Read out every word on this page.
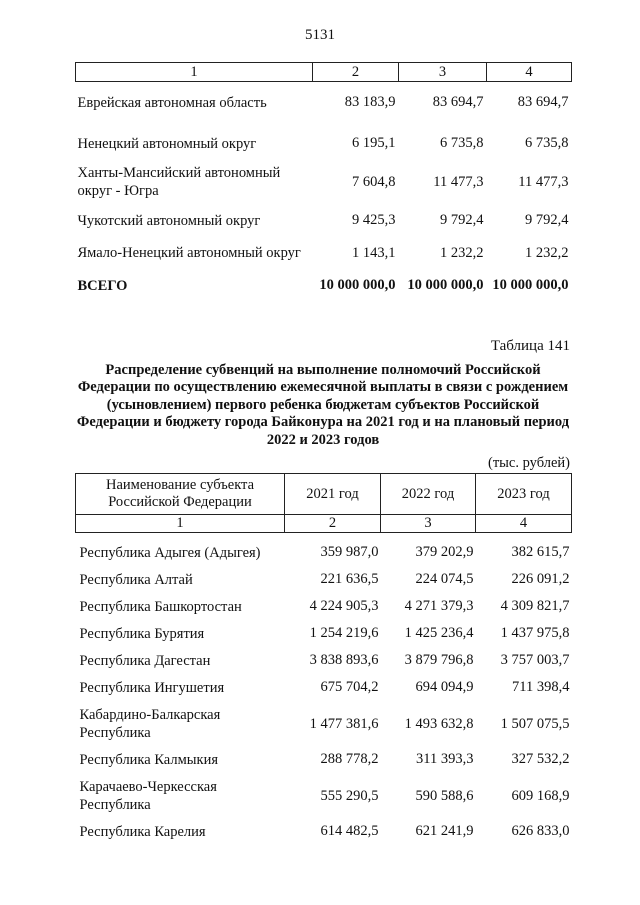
5131
1	2	3	4
Еврейская автономная область	83 183,9	83 694,7	83 694,7
Ненецкий автономный округ	6 195,1	6 735,8	6 735,8
Ханты-Мансийский автономный округ - Югра	7 604,8	11 477,3	11 477,3
Чукотский автономный округ	9 425,3	9 792,4	9 792,4
Ямало-Ненецкий автономный округ	1 143,1	1 232,2	1 232,2
ВСЕГО	10 000 000,0	10 000 000,0	10 000 000,0
Таблица 141
Распределение субвенций на выполнение полномочий Российской Федерации по осуществлению ежемесячной выплаты в связи с рождением (усыновлением) первого ребенка бюджетам субъектов Российской Федерации и бюджету города Байконура на 2021 год и на плановый период 2022 и 2023 годов
(тыс. рублей)
Наименование субъекта Российской Федерации	2021 год	2022 год	2023 год
1	2	3	4
Республика Адыгея (Адыгея)	359 987,0	379 202,9	382 615,7
Республика Алтай	221 636,5	224 074,5	226 091,2
Республика Башкортостан	4 224 905,3	4 271 379,3	4 309 821,7
Республика Бурятия	1 254 219,6	1 425 236,4	1 437 975,8
Республика Дагестан	3 838 893,6	3 879 796,8	3 757 003,7
Республика Ингушетия	675 704,2	694 094,9	711 398,4
Кабардино-Балкарская Республика	1 477 381,6	1 493 632,8	1 507 075,5
Республика Калмыкия	288 778,2	311 393,3	327 532,2
Карачаево-Черкесская Республика	555 290,5	590 588,6	609 168,9
Республика Карелия	614 482,5	621 241,9	626 833,0
